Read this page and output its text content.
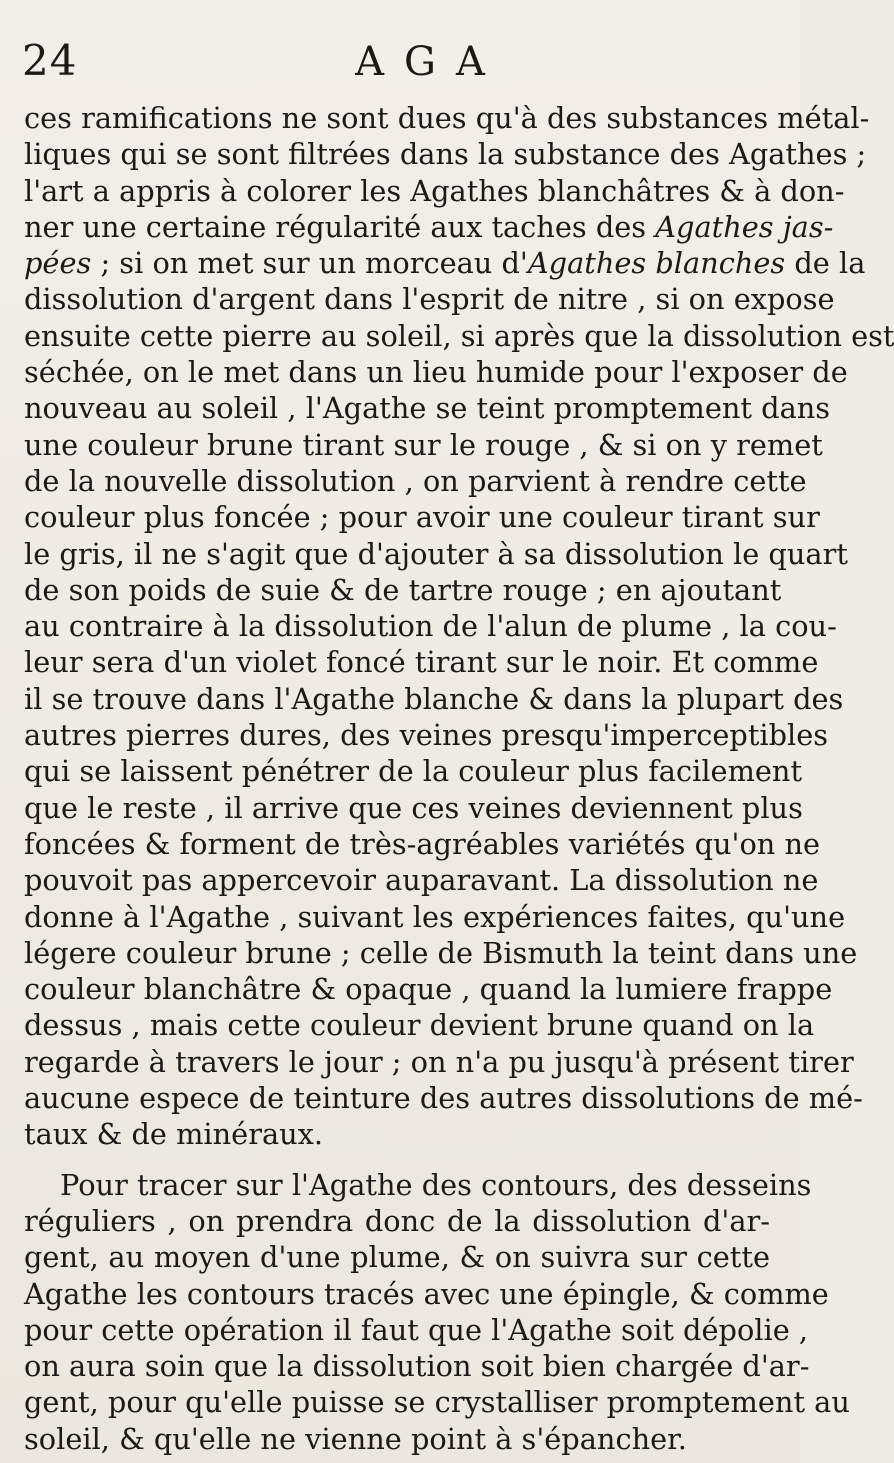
24	AGA
ces ramifications ne sont dues qu'à des substances métal-
liques qui se sont filtrées dans la substance des Agathes ;
l'art a appris à colorer les Agathes blanchâtres & à don-
ner une certaine régularité aux taches des Agathes jas-
pées ; si on met sur un morceau d'Agathes blanches de la
dissolution d'argent dans l'esprit de nitre , si on expose
ensuite cette pierre au soleil, si après que la dissolution est
séchée, on le met dans un lieu humide pour l'exposer de
nouveau au soleil , l'Agathe se teint promptement dans
une couleur brune tirant sur le rouge , & si on y remet
de la nouvelle dissolution , on parvient à rendre cette
couleur plus foncée ; pour avoir une couleur tirant sur
le gris, il ne s'agit que d'ajouter à sa dissolution le quart
de son poids de suie & de tartre rouge ; en ajoutant
au contraire à la dissolution de l'alun de plume , la cou-
leur sera d'un violet foncé tirant sur le noir. Et comme
il se trouve dans l'Agathe blanche & dans la plupart des
autres pierres dures, des veines presqu'imperceptibles
qui se laissent pénétrer de la couleur plus facilement
que le reste , il arrive que ces veines deviennent plus
foncées & forment de très-agréables variétés qu'on ne
pouvoit pas appercevoir auparavant. La dissolution ne
donne à l'Agathe , suivant les expériences faites, qu'une
légere couleur brune ; celle de Bismuth la teint dans une
couleur blanchâtre & opaque , quand la lumiere frappe
dessus , mais cette couleur devient brune quand on la
regarde à travers le jour ; on n'a pu jusqu'à présent tirer
aucune espece de teinture des autres dissolutions de mé-
taux & de minéraux.
Pour tracer sur l'Agathe des contours, des desseins
réguliers , on prendra donc de la dissolution d'ar-
gent, au moyen d'une plume, & on suivra sur cette
Agathe les contours tracés avec une épingle, & comme
pour cette opération il faut que l'Agathe soit dépolie ,
on aura soin que la dissolution soit bien chargée d'ar-
gent, pour qu'elle puisse se crystalliser promptement au
soleil, & qu'elle ne vienne point à s'épancher.
